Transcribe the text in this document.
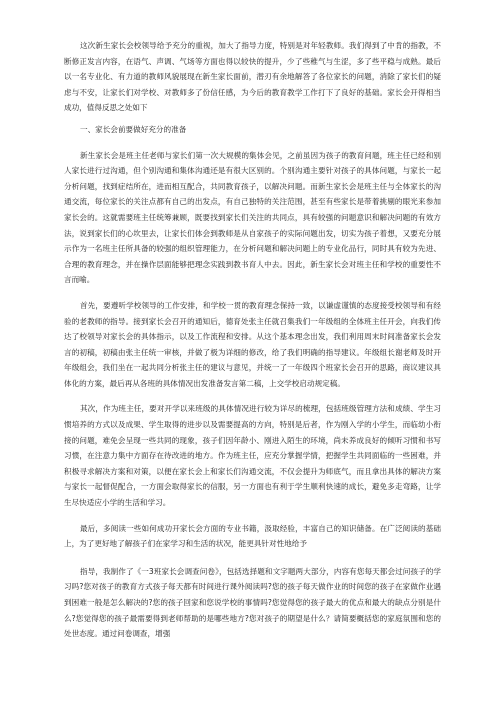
这次新生家长会校领导给予充分的重视，加大了指导力度，特别是对年轻教师。我们得到了中肯的指教，不断修正发言内容，在语气、声调、气场等方面也得以较快的提升，少了些稚气与生涩，多了些平稳与成熟。最后以一名专业化、有力道的教师风貌展现在新生家长面前，潜刃有余地解答了各位家长的问题，消除了家长们的疑虑与不安，让家长们对学校、对教师多了份信任感，为今后的教育教学工作打下了良好的基础。家长会开得相当成功，值得反思之处如下

一、家长会前要做好充分的准备

新生家长会是班主任老师与家长们第一次大规模的集体会见，之前虽因为孩子的教育问题，班主任已经和别人家长进行过沟通，但个别沟通和集体沟通还是有很大区别的。个别沟通主要针对孩子的具体问题，与家长一起分析问题，找到症结所在，进而相互配合，共同教育孩子，以解决问题。而新生家长会是班主任与全体家长的沟通交流，每位家长的关注点都有自己的出发点，有自己独特的关注范围，甚至有些家长是带着挑剔的眼光来参加家长会的。这就需要班主任统筹兼顾，既要找到家长们关注的共同点，具有较强的问题意识和解决问题的有效方法，说到家长们的心坎里去，让家长们体会到教师是从自家孩子的实际问题出发，切实为孩子着想，又要充分展示作为一名班主任所具备的较强的组织管理能力，在分析问题和解决问题上的专业化品行，同时具有较为先进、合理的教育理念，并在操作层面能够把理念实践到教书育人中去。因此，新生家长会对班主任和学校的重要性不言而喻。

首先，要遵听学校领导的工作安排，和学校一贯的教育理念保持一致，以谦虚谨慎的态度接受校领导和有经验的老教师的指导。接到家长会召开的通知后，德育处张主任就召集我们一年级组的全体班主任开会，向我们传达了校领导对家长会的具体指示，以及工作流程和安排。从这个基本理念出发，我们利用周末时间准备家长会发言的初稿，初稿由张主任统一审核，并做了极为详细的修改，给了我们明确的指导建议。年级组长谢老师及时开年级组会，我们坐在一起共同分析张主任的建议与意见，并统一了一年级四个班家长会召开的思路，商议建议具体化的方案，最后再从各班的具体情况出发准备发言第二稿，上交学校启动规定稿。

其次，作为班主任，要对开学以来班级的具体情况进行较为详尽的梳理，包括班级管理方法和成绩、学生习惯培养的方式以及成果、学生取得的进步以及需要提高的方向，特别是后者，作为刚入学的小学生，而临幼小衔接的问题，难免会呈现一些共同的现象，孩子们因年龄小、刚进入陌生的环境，尚未养成良好的倾听习惯和书写习惯，在注意力集中方面存在待改进的地方。作为班主任，应充分掌握学情，把握学生共同面临的一些困难，并积极寻求解决方案和对策，以便在家长会上和家长们沟通交流，不仅会提升为师底气，而且拿出具体的解决方案与家长一起督促配合，一方面会取得家长的信服，另一方面也有利于学生顺利快速的成长，避免多走弯路，让学生尽快适应小学的生活和学习。

最后，多阅读一些如何成功开家长会方面的专业书籍，汲取经验，丰富自己的知识储备。在广泛阅读的基础上，为了更好地了解孩子们在家学习和生活的状况，能更具针对性地给予

指导，我制作了《一3班家长会调查问卷》，包括选择题和文字题两大部分，内容有您每天都会过问孩子的学习吗?您对孩子的教育方式孩子每天都有时间进行课外阅读吗?您的孩子每天做作业的时间您的孩子在家做作业遇到困难一般是怎么解决的?您的孩子回家和您说学校的事情吗?您觉得您的孩子最大的优点和最大的缺点分别是什么?您觉得您的孩子最需要得到老师帮助的是哪些地方?您对孩子的期望是什么？请简要概括您的家庭氛围和您的处世态度。通过问卷调查，增强
